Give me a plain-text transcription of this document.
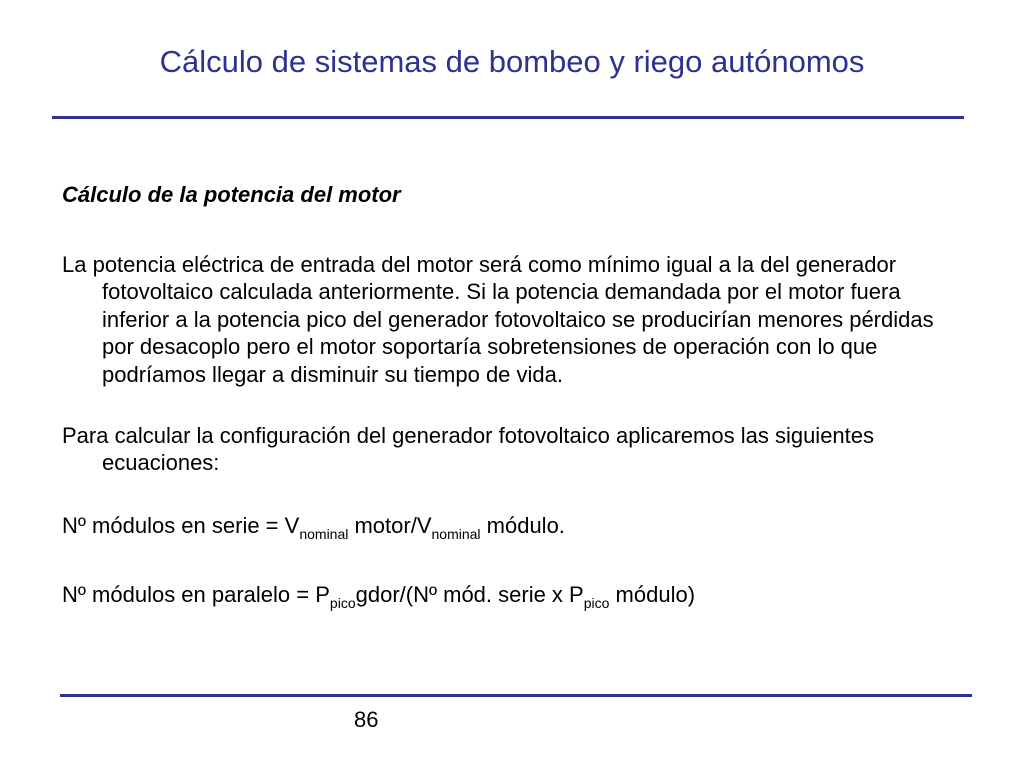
Cálculo de sistemas de bombeo y riego autónomos
Cálculo de la potencia del motor
La potencia eléctrica de entrada del motor será como mínimo igual a la del generador fotovoltaico calculada anteriormente. Si la potencia demandada por el motor fuera inferior a la potencia pico del generador fotovoltaico se producirían menores pérdidas por desacoplo pero el motor soportaría sobretensiones de operación con lo que podríamos llegar a disminuir su tiempo de vida.
Para calcular la configuración del generador fotovoltaico aplicaremos las siguientes ecuaciones:
Nº módulos en serie = $V_{nominal}$ motor/$V_{nominal}$ módulo.
Nº módulos en paralelo = $P_{pico}gdor/(Nº$ mód. serie x $P_{pico}$ módulo)
86
